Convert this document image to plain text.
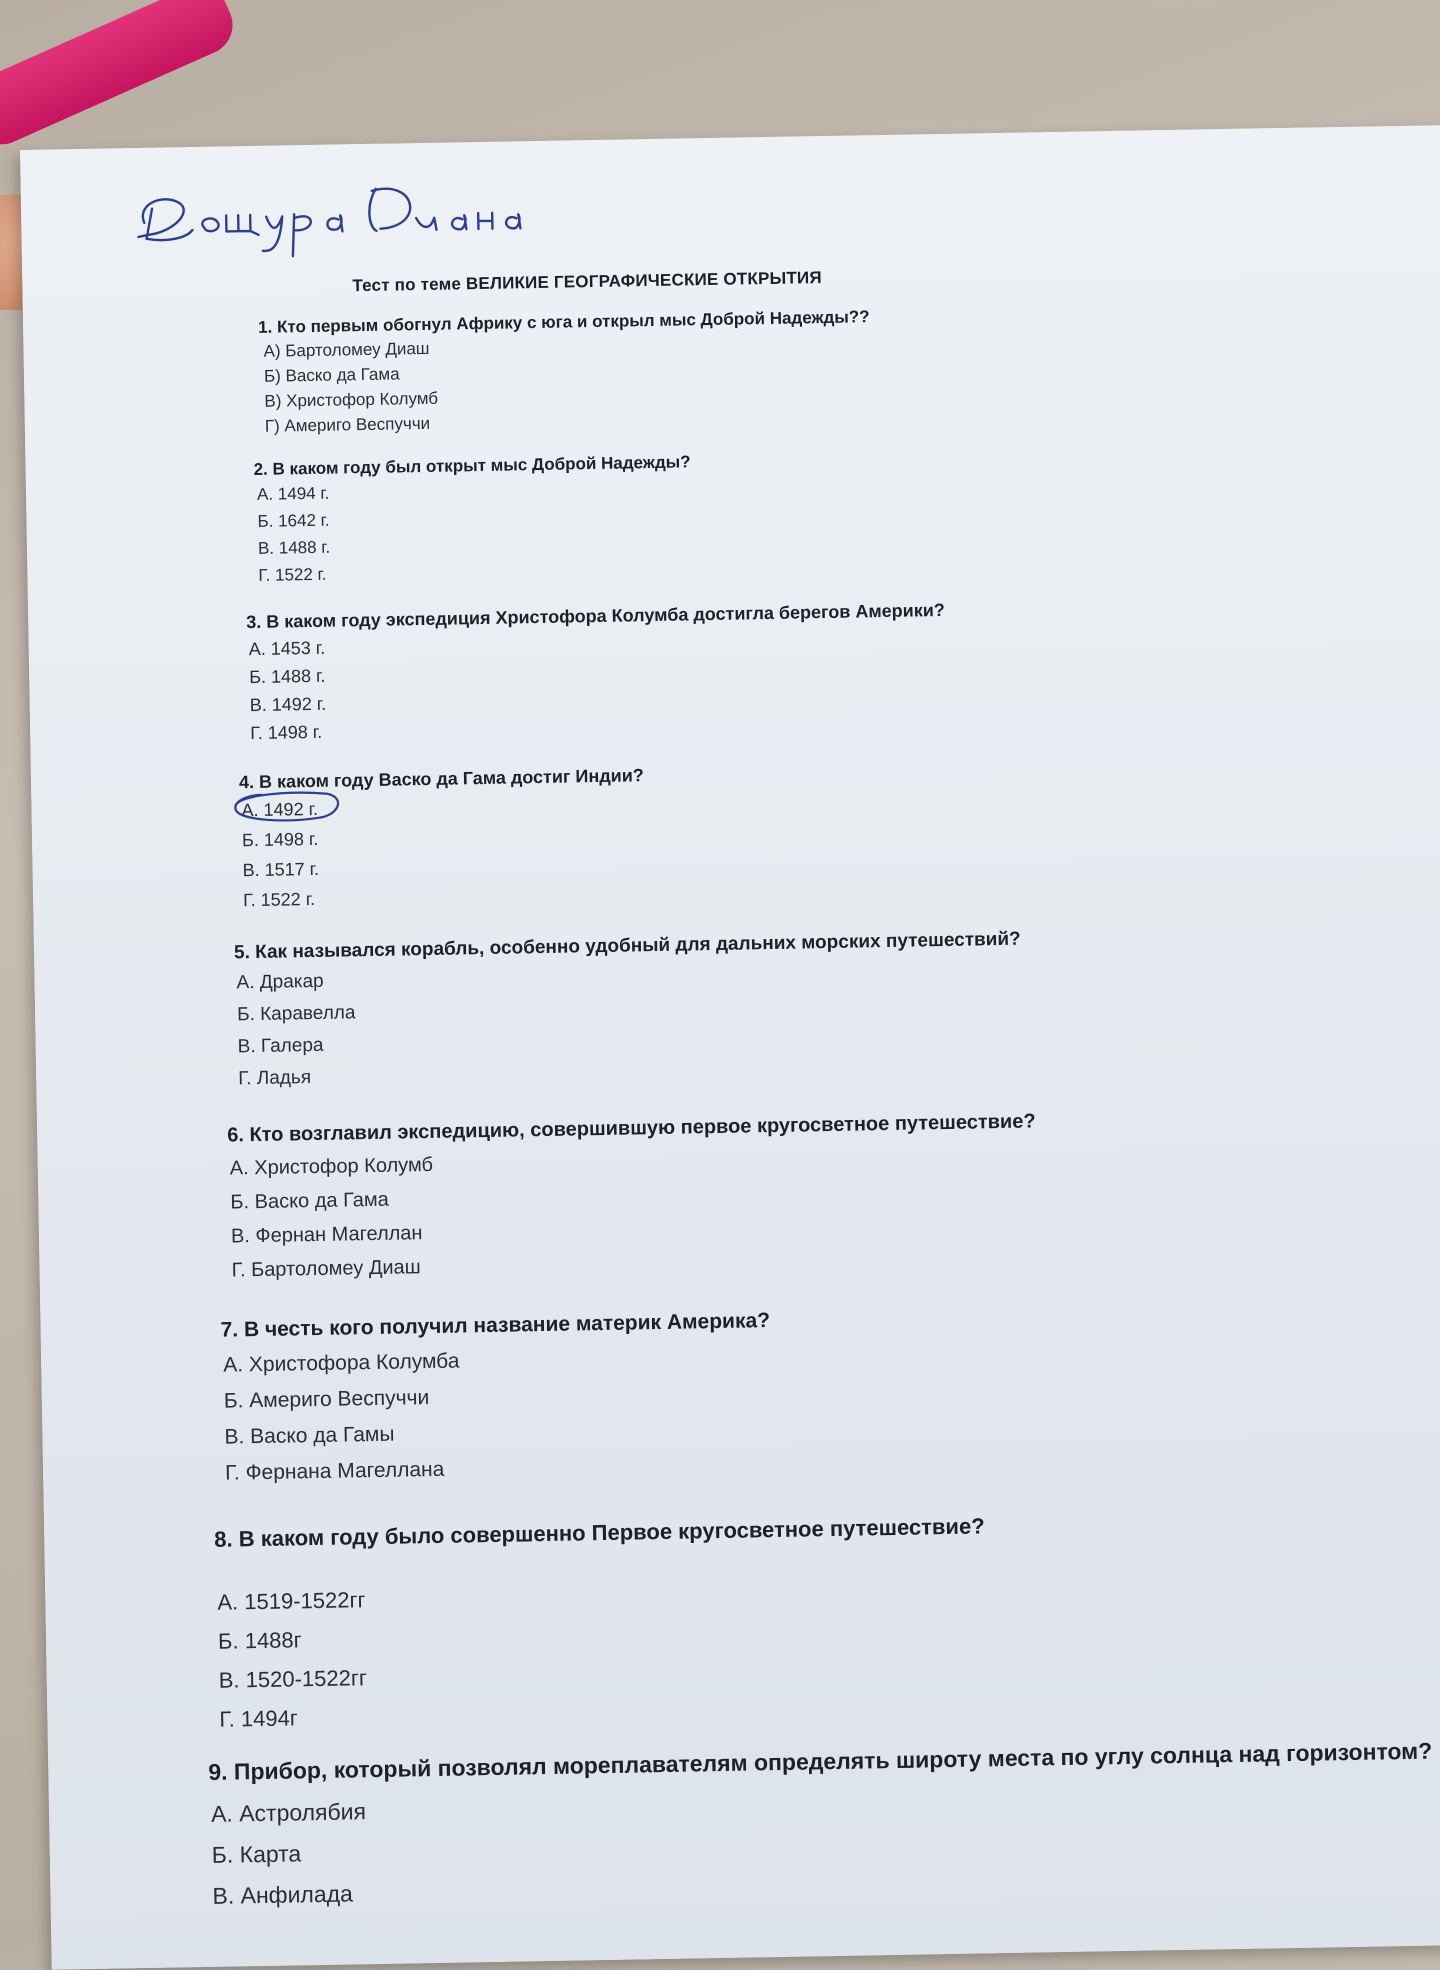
Тест по теме ВЕЛИКИЕ ГЕОГРАФИЧЕСКИЕ ОТКРЫТИЯ

1. Кто первым обогнул Африку с юга и открыл мыс Доброй Надежды??

А) Бартоломеу Диаш
Б) Васко да Гама
В) Христофор Колумб
Г) Америго Веспуччи

2. В каком году был открыт мыс Доброй Надежды?

А. 1494 г.
Б. 1642 г.
В. 1488 г.
Г. 1522 г.

3. В каком году экспедиция Христофора Колумба достигла берегов Америки?

А. 1453 г.
Б. 1488 г.
В. 1492 г.
Г. 1498 г.

4. В каком году Васко да Гама достиг Индии?

А. 1492 г.
Б. 1498 г.
В. 1517 г.
Г. 1522 г.

5. Как назывался корабль, особенно удобный для дальних морских путешествий?

А. Дракар
Б. Каравелла
В. Галера
Г. Ладья

6. Кто возглавил экспедицию, совершившую первое кругосветное путешествие?

А. Христофор Колумб
Б. Васко да Гама
В. Фернан Магеллан
Г. Бартоломеу Диаш

7. В честь кого получил название материк Америка?

А. Христофора Колумба
Б. Америго Веспуччи
В. Васко да Гамы
Г. Фернана Магеллана

8. В каком году было совершенно Первое кругосветное путешествие?

А. 1519-1522гг
Б. 1488г
В. 1520-1522гг
Г. 1494г

9. Прибор, который позволял мореплавателям определять широту места по углу солнца над горизонтом?

А. Астролябия
Б. Карта
В. Анфилада
